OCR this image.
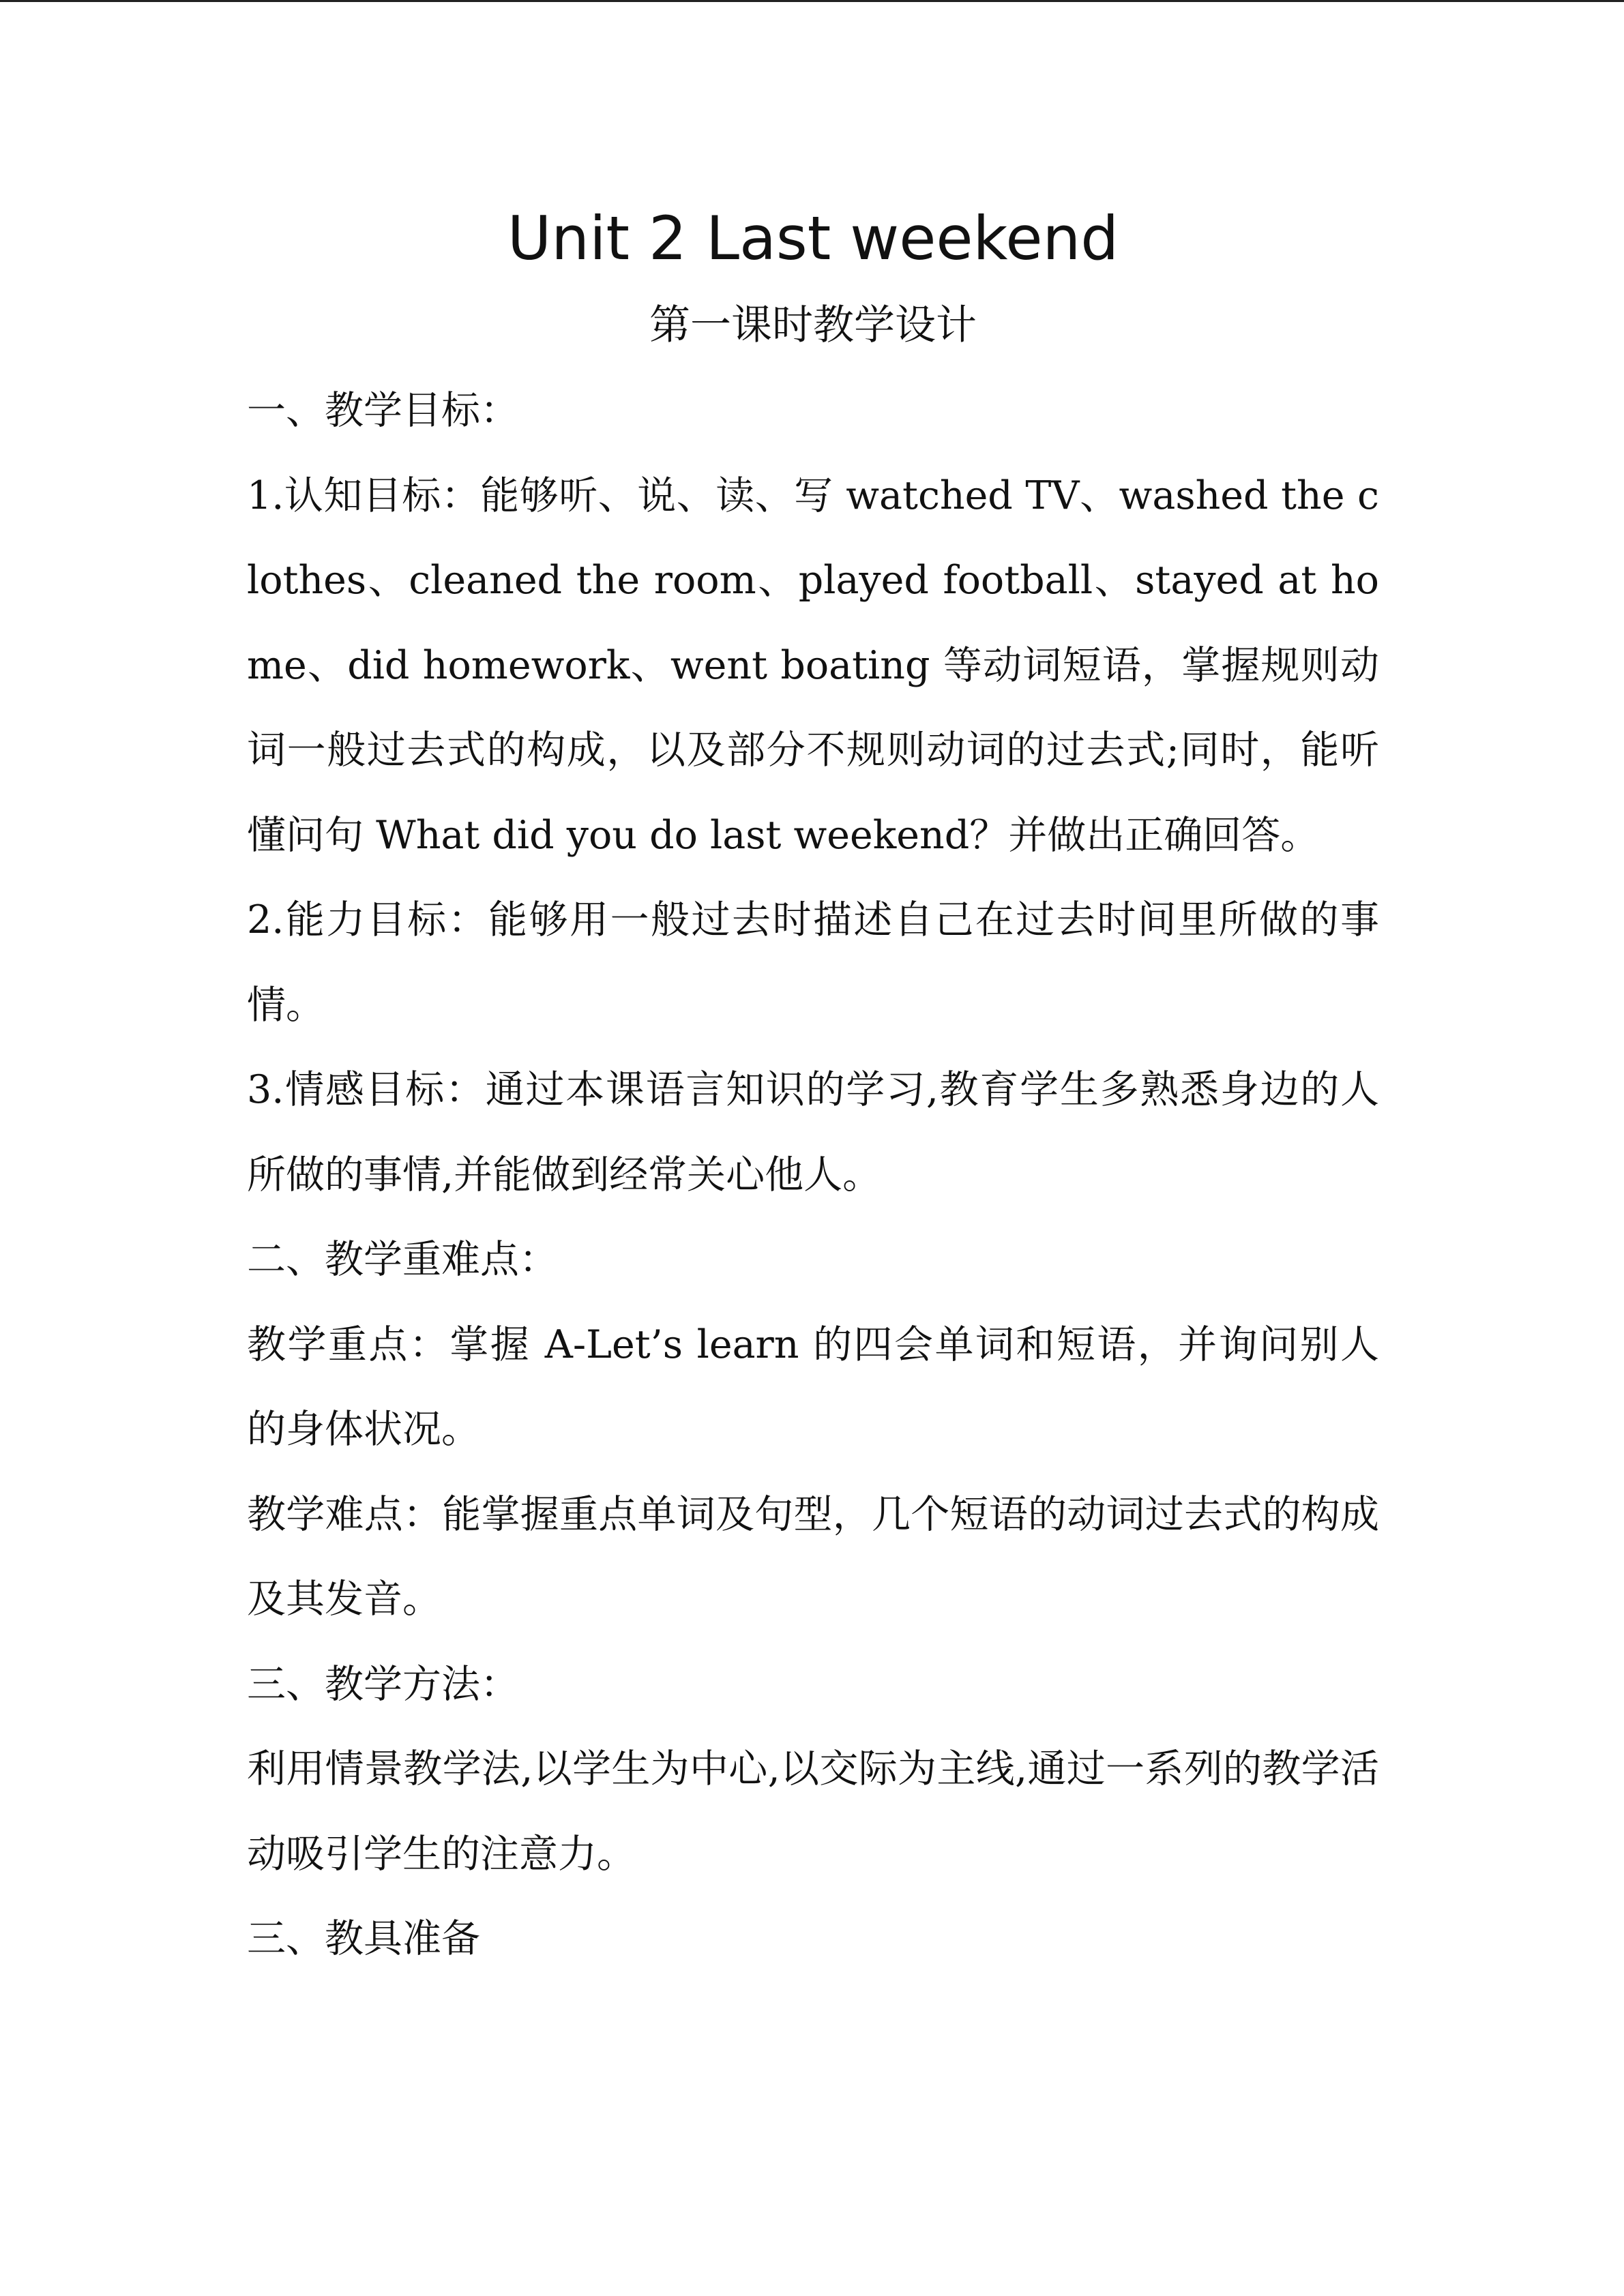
Unit 2 Last weekend
第一课时教学设计

一、教学目标：

1.认知目标：能够听、说、读、写 watched TV、washed the clothes、cleaned the room、played football、stayed at home、did homework、went boating 等动词短语，掌握规则动词一般过去式的构成，以及部分不规则动词的过去式;同时，能听懂问句 What did you do last weekend？并做出正确回答。

2.能力目标：能够用一般过去时描述自己在过去时间里所做的事情。

3.情感目标：通过本课语言知识的学习,教育学生多熟悉身边的人所做的事情,并能做到经常关心他人。

二、教学重难点：

教学重点：掌握 A-Let’s learn 的四会单词和短语，并询问别人的身体状况。

教学难点：能掌握重点单词及句型，几个短语的动词过去式的构成及其发音。

三、教学方法：

利用情景教学法,以学生为中心,以交际为主线,通过一系列的教学活动吸引学生的注意力。

三、教具准备
